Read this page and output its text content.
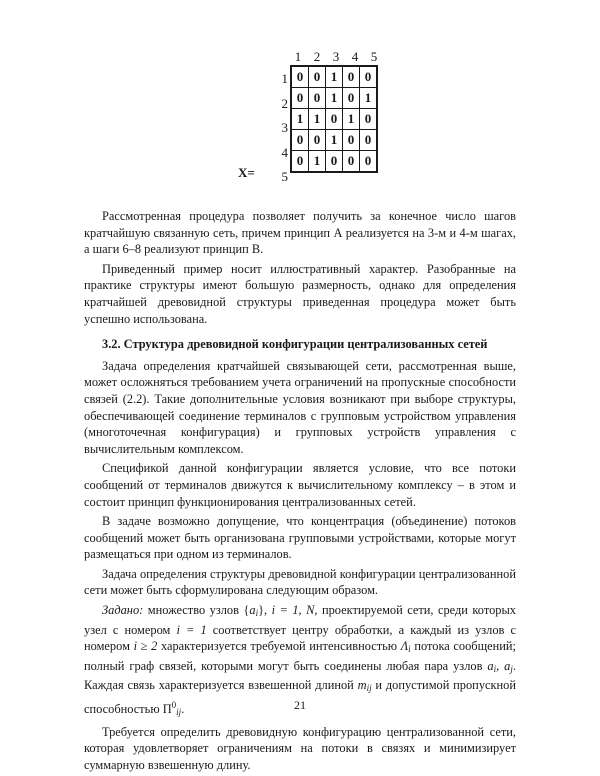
1 2 3 4 5
X=
1
2
3
4
5
0	0	1	0	0
0	0	1	0	1
1	1	0	1	0
0	0	1	0	0
0	1	0	0	0

Рассмотренная процедура позволяет получить за конечное число шагов кратчайшую связанную сеть, причем принцип А реализуется на 3-м и 4-м шагах, а шаги 6–8 реализуют принцип В.

Приведенный пример носит иллюстративный характер. Разобранные на практике структуры имеют большую размерность, однако для определения кратчайшей древовидной структуры приведенная процедура может быть успешно использована.

3.2. Структура древовидной конфигурации централизованных сетей

Задача определения кратчайшей связывающей сети, рассмотренная выше, может осложняться требованием учета ограничений на пропускные способности связей (2.2). Такие дополнительные условия возникают при выборе структуры, обеспечивающей соединение терминалов с групповым устройством управления (многоточечная конфигурация) и групповых устройств управления с вычислительным комплексом.

Спецификой данной конфигурации является условие, что все потоки сообщений от терминалов движутся к вычислительному комплексу – в этом и состоит принцип функционирования централизованных сетей.

В задаче возможно допущение, что концентрация (объединение) потоков сообщений может быть организована групповыми устройствами, которые могут размещаться при одном из терминалов.

Задача определения структуры древовидной конфигурации централизованной сети может быть сформулирована следующим образом.

Задано: множество узлов $\{a_i\}$, i = 1, N, проектируемой сети, среди которых узел с номером i = 1 соответствует центру обработки, а каждый из узлов с номером i ≥ 2 характеризуется требуемой интенсивностью $\Lambda_i$ потока сообщений; полный граф связей, которыми могут быть соединены любая пара узлов $a_i$, $a_j$. Каждая связь характеризуется взвешенной длиной $m_{ij}$ и допустимой пропускной способностью $П^0_{ij}$.

Требуется определить древовидную конфигурацию централизованной сети, которая удовлетворяет ограничениям на потоки в связях и минимизирует суммарную взвешенную длину.

21
